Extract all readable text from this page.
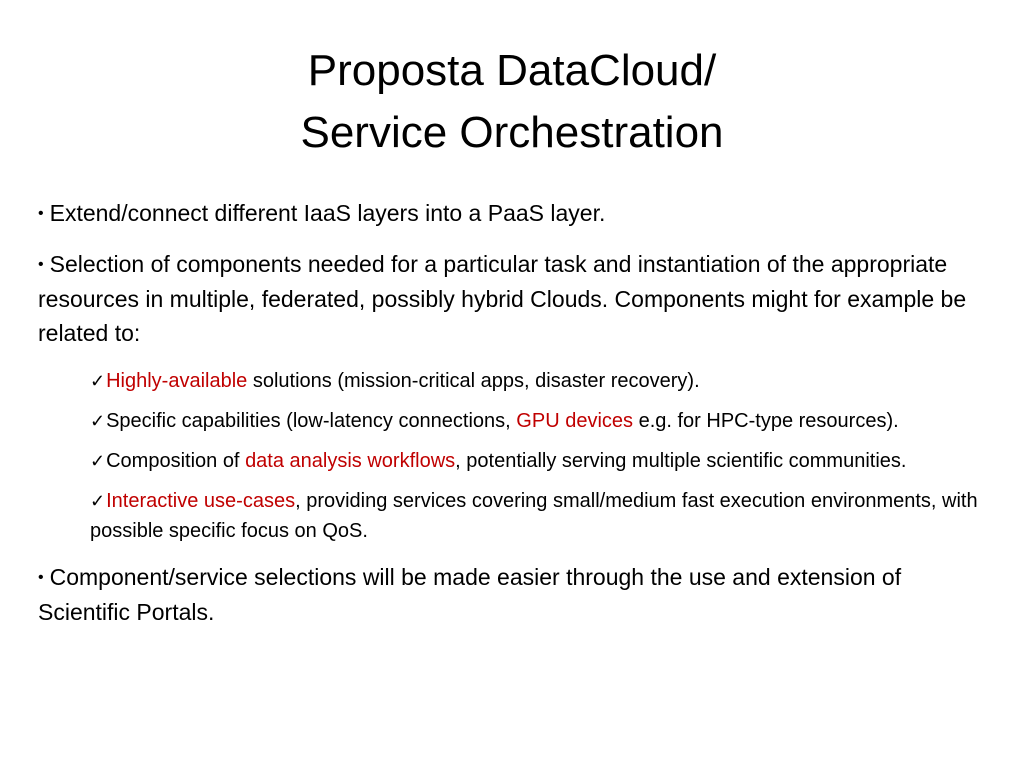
Proposta DataCloud/
Service Orchestration
• Extend/connect different IaaS layers into a PaaS layer.
• Selection of components needed for a particular task and instantiation of the appropriate resources in multiple, federated, possibly hybrid Clouds. Components might for example be related to:
✓Highly-available solutions (mission-critical apps, disaster recovery).
✓Specific capabilities (low-latency connections, GPU devices e.g. for HPC-type resources).
✓Composition of data analysis workflows, potentially serving multiple scientific communities.
✓Interactive use-cases, providing services covering small/medium fast execution environments, with possible specific focus on QoS.
• Component/service selections will be made easier through the use and extension of Scientific Portals.
